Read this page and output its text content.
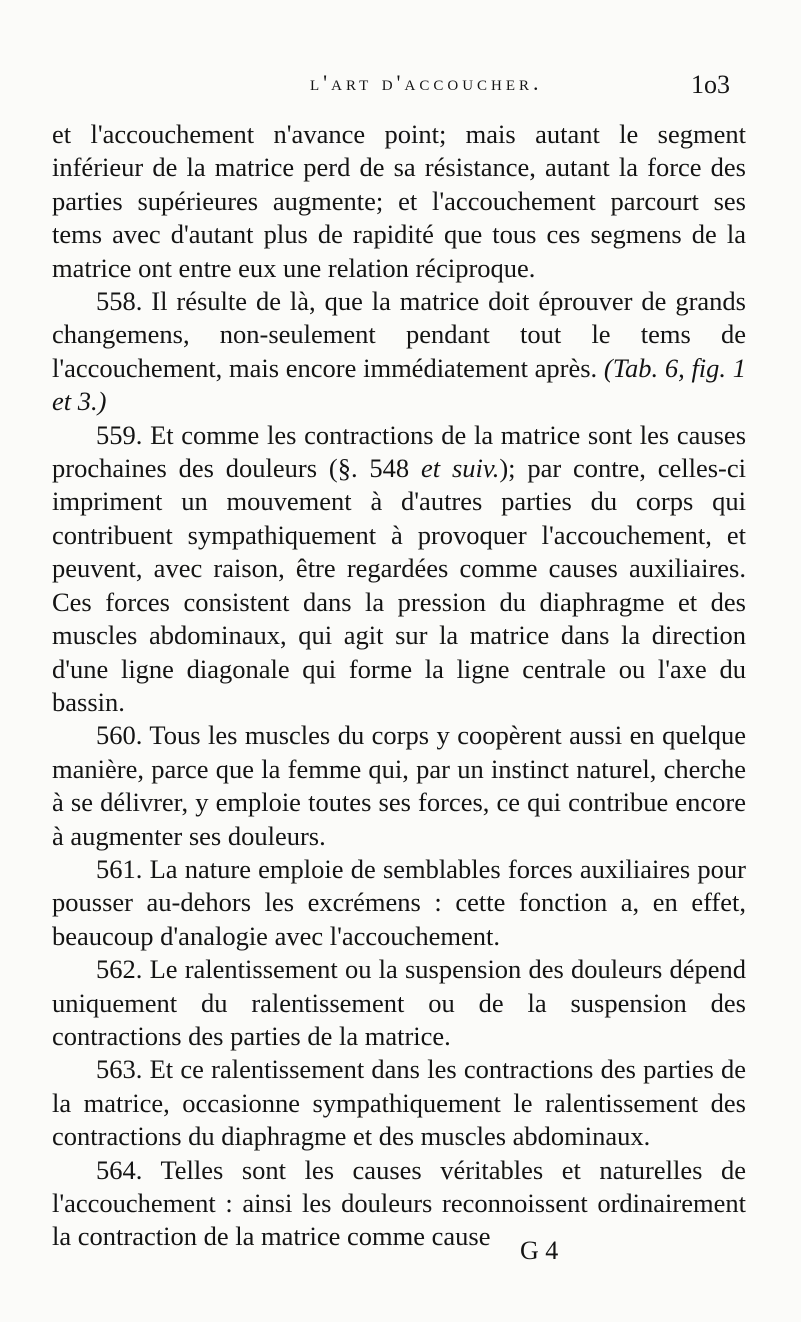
l'art d'accoucher.	1o3

et l'accouchement n'avance point; mais autant le segment inférieur de la matrice perd de sa résistance, autant la force des parties supérieures augmente; et l'accouchement parcourt ses tems avec d'autant plus de rapidité que tous ces segmens de la matrice ont entre eux une relation réciproque.

558. Il résulte de là, que la matrice doit éprouver de grands changemens, non-seulement pendant tout le tems de l'accouchement, mais encore immédiatement après. (Tab. 6, fig. 1 et 3.)

559. Et comme les contractions de la matrice sont les causes prochaines des douleurs (§. 548 et suiv.); par contre, celles-ci impriment un mouvement à d'autres parties du corps qui contribuent sympathiquement à provoquer l'accouchement, et peuvent, avec raison, être regardées comme causes auxiliaires. Ces forces consistent dans la pression du diaphragme et des muscles abdominaux, qui agit sur la matrice dans la direction d'une ligne diagonale qui forme la ligne centrale ou l'axe du bassin.

560. Tous les muscles du corps y coopèrent aussi en quelque manière, parce que la femme qui, par un instinct naturel, cherche à se délivrer, y emploie toutes ses forces, ce qui contribue encore à augmenter ses douleurs.

561. La nature emploie de semblables forces auxiliaires pour pousser au-dehors les excrémens : cette fonction a, en effet, beaucoup d'analogie avec l'accouchement.

562. Le ralentissement ou la suspension des douleurs dépend uniquement du ralentissement ou de la suspension des contractions des parties de la matrice.

563. Et ce ralentissement dans les contractions des parties de la matrice, occasionne sympathiquement le ralentissement des contractions du diaphragme et des muscles abdominaux.

564. Telles sont les causes véritables et naturelles de l'accouchement : ainsi les douleurs reconnoissent ordinairement la contraction de la matrice comme cause	G 4
